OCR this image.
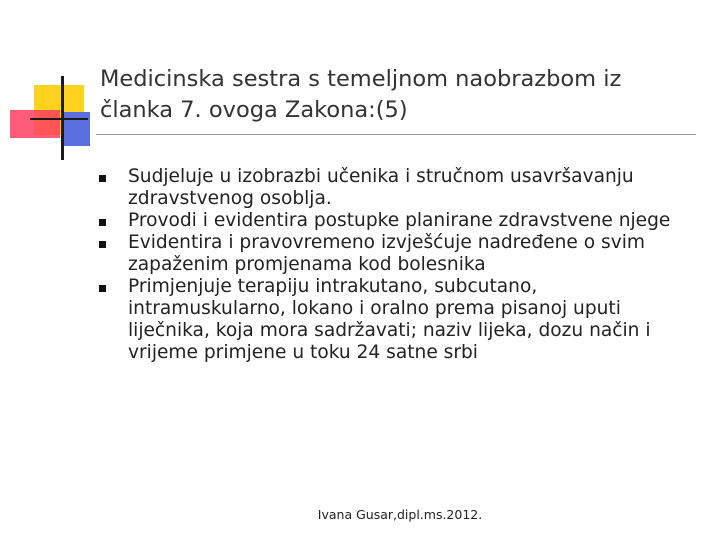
Medicinska sestra s temeljnom naobrazbom iz članka 7. ovoga Zakona:(5)
Sudjeluje u izobrazbi učenika i stručnom usavršavanju zdravstvenog osoblja.
Provodi i evidentira postupke planirane zdravstvene njege
Evidentira i pravovremeno izvješćuje nadređene o svim zapaženim promjenama kod bolesnika
Primjenjuje terapiju intrakutano, subcutano, intramuskularno, lokano i oralno prema pisanoj uputi liječnika, koja mora sadržavati; naziv lijeka, dozu način i vrijeme primjene u toku 24 satne srbi
Ivana Gusar,dipl.ms.2012.
